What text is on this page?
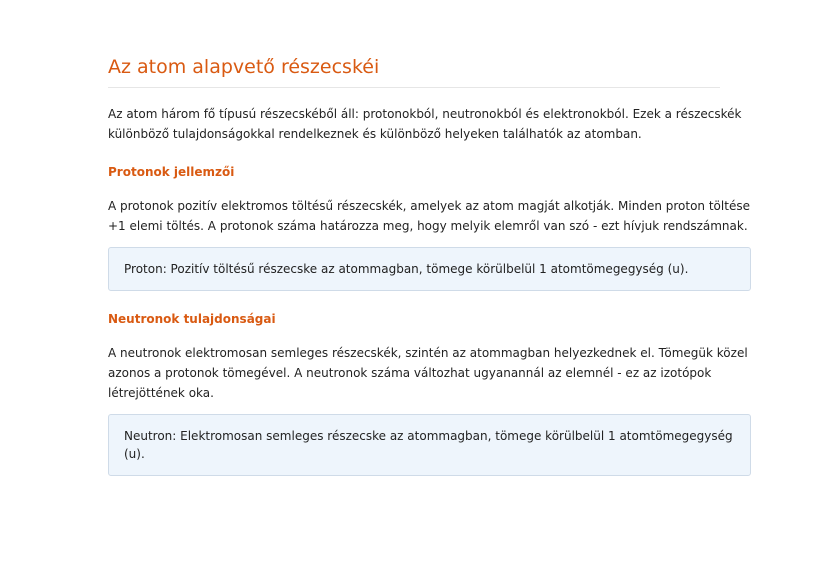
Az atom alapvető részecskéi

Az atom három fő típusú részecskéből áll: protonokból, neutronokból és elektronokból. Ezek a részecskék különböző tulajdonságokkal rendelkeznek és különböző helyeken találhatók az atomban.

Protonok jellemzői

A protonok pozitív elektromos töltésű részecskék, amelyek az atom magját alkotják. Minden proton töltése +1 elemi töltés. A protonok száma határozza meg, hogy melyik elemről van szó - ezt hívjuk rendszámnak.

Proton: Pozitív töltésű részecske az atommagban, tömege körülbelül 1 atomtömegegység (u).
Neutronok tulajdonságai

A neutronok elektromosan semleges részecskék, szintén az atommagban helyezkednek el. Tömegük közel azonos a protonok tömegével. A neutronok száma változhat ugyanannál az elemnél - ez az izotópok létrejöttének oka.

Neutron: Elektromosan semleges részecske az atommagban, tömege körülbelül 1 atomtömegegység (u).
